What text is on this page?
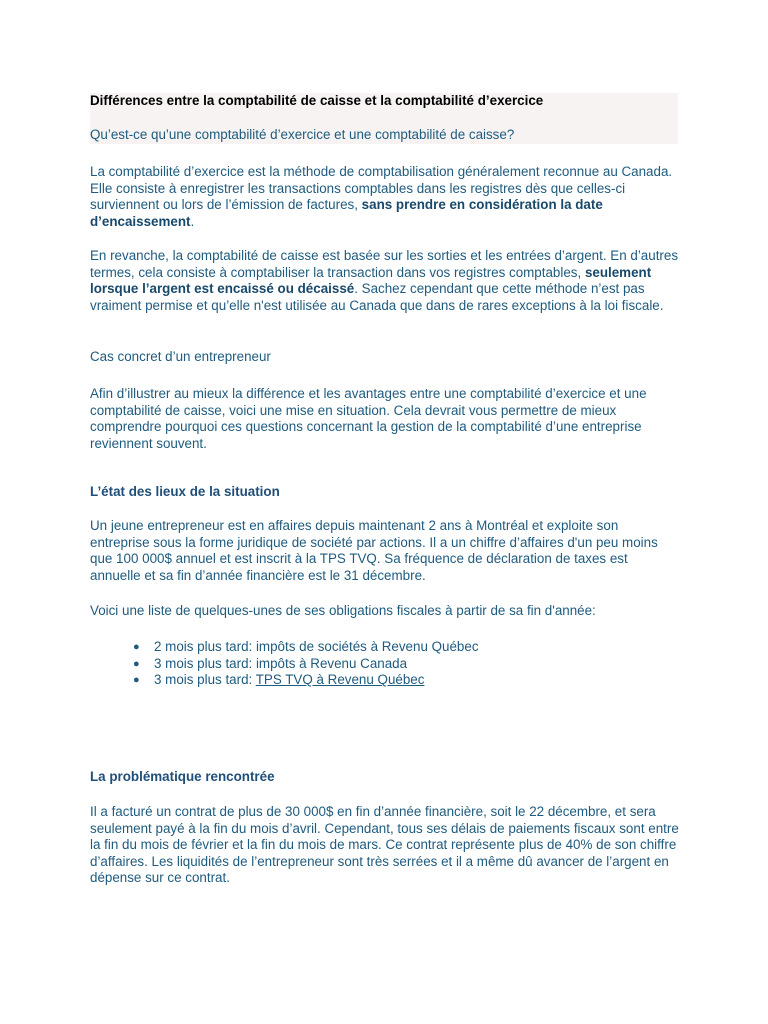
Différences entre la comptabilité de caisse et la comptabilité d’exercice

Qu’est-ce qu’une comptabilité d’exercice et une comptabilité de caisse?

La comptabilité d’exercice est la méthode de comptabilisation généralement reconnue au Canada. Elle consiste à enregistrer les transactions comptables dans les registres dès que celles-ci surviennent ou lors de l’émission de factures, sans prendre en considération la date d’encaissement.

En revanche, la comptabilité de caisse est basée sur les sorties et les entrées d’argent. En d’autres termes, cela consiste à comptabiliser la transaction dans vos registres comptables, seulement lorsque l’argent est encaissé ou décaissé. Sachez cependant que cette méthode n’est pas vraiment permise et qu’elle n'est utilisée au Canada que dans de rares exceptions à la loi fiscale.

Cas concret d’un entrepreneur

Afin d’illustrer au mieux la différence et les avantages entre une comptabilité d’exercice et une comptabilité de caisse, voici une mise en situation. Cela devrait vous permettre de mieux comprendre pourquoi ces questions concernant la gestion de la comptabilité d’une entreprise reviennent souvent.

L’état des lieux de la situation

Un jeune entrepreneur est en affaires depuis maintenant 2 ans à Montréal et exploite son entreprise sous la forme juridique de société par actions. Il a un chiffre d’affaires d'un peu moins que 100 000$ annuel et est inscrit à la TPS TVQ. Sa fréquence de déclaration de taxes est annuelle et sa fin d’année financière est le 31 décembre.

Voici une liste de quelques-unes de ses obligations fiscales à partir de sa fin d'année:

● 2 mois plus tard: impôts de sociétés à Revenu Québec
● 3 mois plus tard: impôts à Revenu Canada
● 3 mois plus tard: TPS TVQ à Revenu Québec

La problématique rencontrée

Il a facturé un contrat de plus de 30 000$ en fin d’année financière, soit le 22 décembre, et sera seulement payé à la fin du mois d’avril. Cependant, tous ses délais de paiements fiscaux sont entre la fin du mois de février et la fin du mois de mars. Ce contrat représente plus de 40% de son chiffre d’affaires. Les liquidités de l’entrepreneur sont très serrées et il a même dû avancer de l’argent en dépense sur ce contrat.
